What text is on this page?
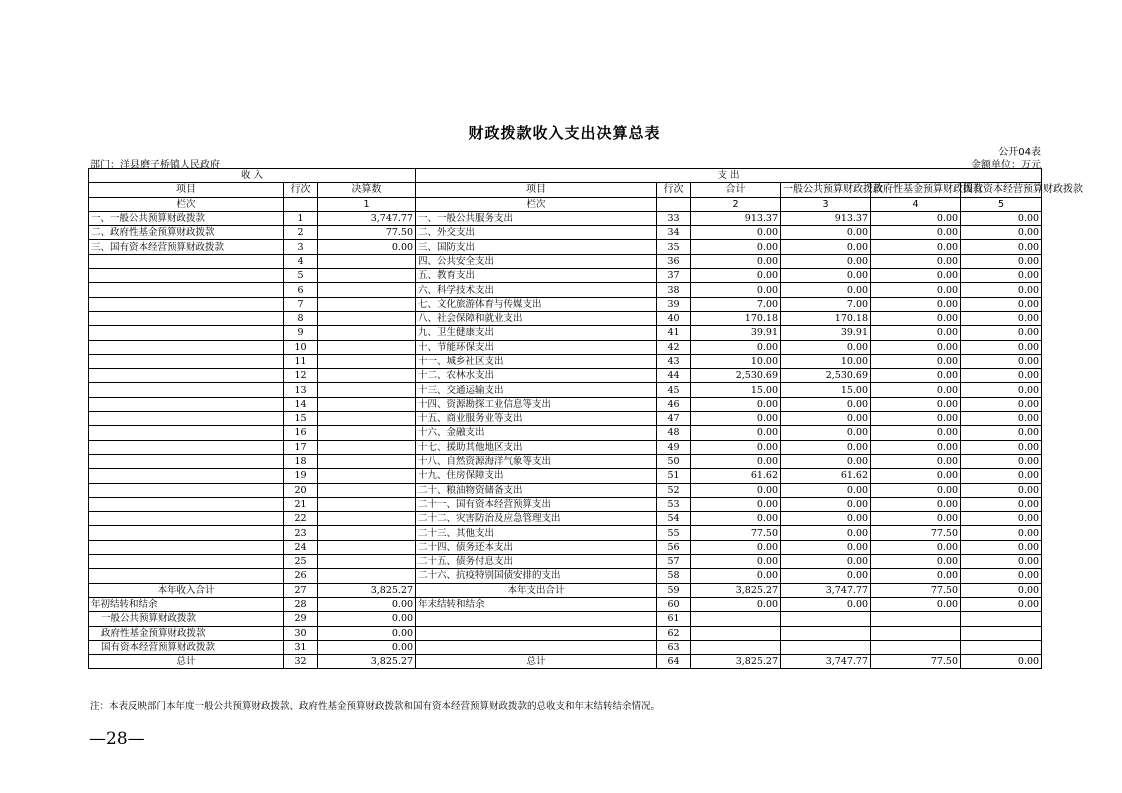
财政拨款收入支出决算总表
公开04表
部门：洋县磨子桥镇人民政府	金额单位：万元
收 入			支 出					
项目	行次	决算数	项目	行次	合计	一般公共预算财政拨款	政府性基金预算财政拨款	国有资本经营预算财政拨款
栏次		1	栏次		2	3	4	5
一、一般公共预算财政拨款	1	3,747.77	一、一般公共服务支出	33	913.37	913.37	0.00	0.00
二、政府性基金预算财政拨款	2	77.50	二、外交支出	34	0.00	0.00	0.00	0.00
三、国有资本经营预算财政拨款	3	0.00	三、国防支出	35	0.00	0.00	0.00	0.00
	4		四、公共安全支出	36	0.00	0.00	0.00	0.00
	5		五、教育支出	37	0.00	0.00	0.00	0.00
	6		六、科学技术支出	38	0.00	0.00	0.00	0.00
	7		七、文化旅游体育与传媒支出	39	7.00	7.00	0.00	0.00
	8		八、社会保障和就业支出	40	170.18	170.18	0.00	0.00
	9		九、卫生健康支出	41	39.91	39.91	0.00	0.00
	10		十、节能环保支出	42	0.00	0.00	0.00	0.00
	11		十一、城乡社区支出	43	10.00	10.00	0.00	0.00
	12		十二、农林水支出	44	2,530.69	2,530.69	0.00	0.00
	13		十三、交通运输支出	45	15.00	15.00	0.00	0.00
	14		十四、资源勘探工业信息等支出	46	0.00	0.00	0.00	0.00
	15		十五、商业服务业等支出	47	0.00	0.00	0.00	0.00
	16		十六、金融支出	48	0.00	0.00	0.00	0.00
	17		十七、援助其他地区支出	49	0.00	0.00	0.00	0.00
	18		十八、自然资源海洋气象等支出	50	0.00	0.00	0.00	0.00
	19		十九、住房保障支出	51	61.62	61.62	0.00	0.00
	20		二十、粮油物资储备支出	52	0.00	0.00	0.00	0.00
	21		二十一、国有资本经营预算支出	53	0.00	0.00	0.00	0.00
	22		二十二、灾害防治及应急管理支出	54	0.00	0.00	0.00	0.00
	23		二十三、其他支出	55	77.50	0.00	77.50	0.00
	24		二十四、债务还本支出	56	0.00	0.00	0.00	0.00
	25		二十五、债务付息支出	57	0.00	0.00	0.00	0.00
	26		二十六、抗疫特别国债安排的支出	58	0.00	0.00	0.00	0.00
本年收入合计	27	3,825.27	本年支出合计	59	3,825.27	3,747.77	77.50	0.00
年初结转和结余	28	0.00	年末结转和结余	60	0.00	0.00	0.00	0.00
一般公共预算财政拨款	29	0.00		61				
政府性基金预算财政拨款	30	0.00		62				
国有资本经营预算财政拨款	31	0.00		63				
总计	32	3,825.27	总计	64	3,825.27	3,747.77	77.50	0.00
注：本表反映部门本年度一般公共预算财政拨款、政府性基金预算财政拨款和国有资本经营预算财政拨款的总收支和年末结转结余情况。
—28—
